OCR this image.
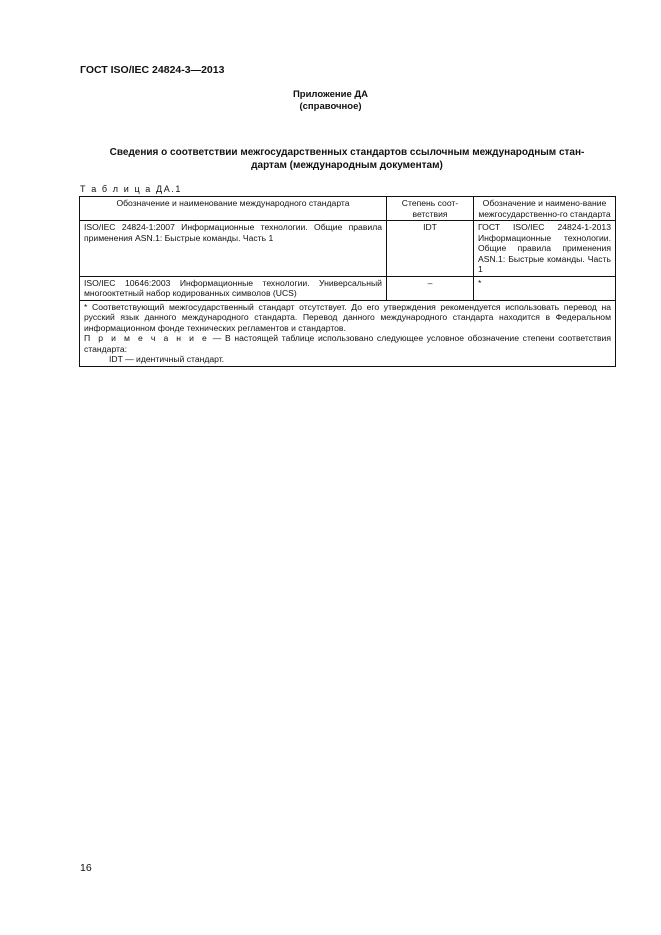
ГОСТ ISO/IEC 24824-3—2013
Приложение ДА
(справочное)
Сведения о соответствии межгосударственных стандартов ссылочным международным стан-
дартам (международным документам)
Т а б л и ц а ДА.1
Обозначение и наименование международного стандарта	Степень соот-ветствия	Обозначение и наимено-вание межгосударственно-го стандарта
ISO/IEC 24824-1:2007 Информационные технологии. Общие правила применения ASN.1: Быстрые команды. Часть 1	IDT	ГОСТ ISO/IEC 24824-1-2013 Информационные технологии. Общие правила применения ASN.1: Быстрые команды. Часть 1
ISO/IEC 10646:2003 Информационные технологии. Универсальный многооктетный набор кодированных символов (UCS)	–	*

* Соответствующий межгосударственный стандарт отсутствует. До его утверждения рекомендуется использовать перевод на русский язык данного международного стандарта. Перевод данного международного стандарта находится в Федеральном информационном фонде технических регламентов и стандартов.
П р и м е ч а н и е — В настоящей таблице использовано следующее условное обозначение степени соответствия стандарта:
IDT — идентичный стандарт.		
16
